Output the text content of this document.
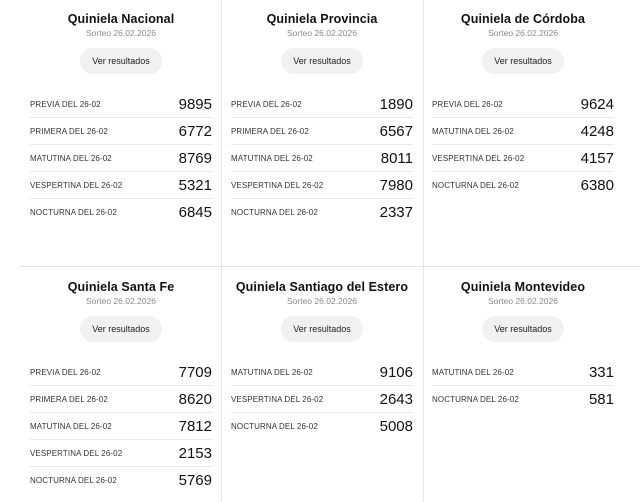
Quiniela Nacional
Sorteo 26.02.2026
Ver resultados
PREVIA DEL 26-02	9895
PRIMERA DEL 26-02	6772
MATUTINA DEL 26-02	8769
VESPERTINA DEL 26-02	5321
NOCTURNA DEL 26-02	6845
Quiniela Provincia
Sorteo 26.02.2026
Ver resultados
PREVIA DEL 26-02	1890
PRIMERA DEL 26-02	6567
MATUTINA DEL 26-02	8011
VESPERTINA DEL 26-02	7980
NOCTURNA DEL 26-02	2337
Quiniela de Córdoba
Sorteo 26.02.2026
Ver resultados
PREVIA DEL 26-02	9624
MATUTINA DEL 26-02	4248
VESPERTINA DEL 26-02	4157
NOCTURNA DEL 26-02	6380
Quiniela Santa Fe
Sorteo 26.02.2026
Ver resultados
PREVIA DEL 26-02	7709
PRIMERA DEL 26-02	8620
MATUTINA DEL 26-02	7812
VESPERTINA DEL 26-02	2153
NOCTURNA DEL 26-02	5769
Quiniela Santiago del Estero
Sorteo 26.02.2026
Ver resultados
MATUTINA DEL 26-02	9106
VESPERTINA DEL 26-02	2643
NOCTURNA DEL 26-02	5008
Quiniela Montevideo
Sorteo 26.02.2026
Ver resultados
MATUTINA DEL 26-02	331
NOCTURNA DEL 26-02	581
